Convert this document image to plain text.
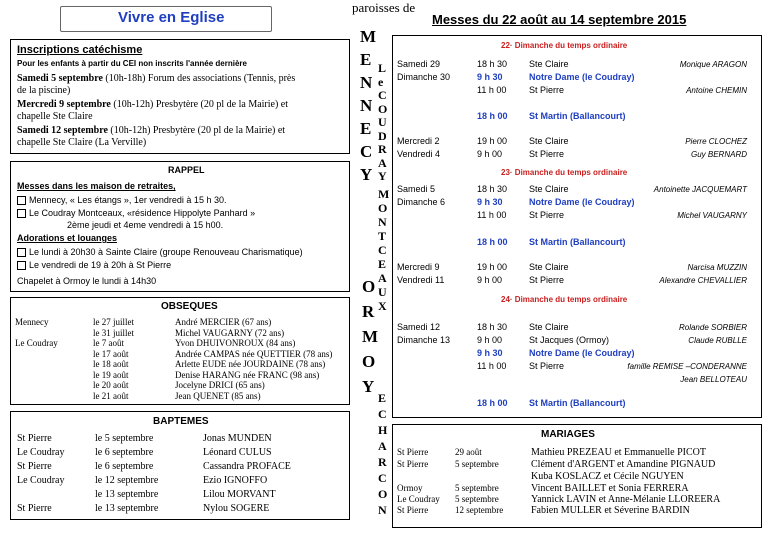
Vivre en Eglise
paroisses de
Messes du 22 août au 14 septembre 2015
Inscriptions catéchisme
Pour les enfants à partir du CEI non inscrits l'année dernière
Samedi 5 septembre (10h-18h) Forum des associations (Tennis, près
de la piscine)
Mercredi 9 septembre (10h-12h) Presbytère (20 pl de la Mairie) et
chapelle Ste Claire
Samedi 12 septembre (10h-12h) Presbytère (20 pl de la Mairie) et
chapelle Ste Claire (La Verville)
RAPPEL
Messes dans les maison de retraites,
Mennecy, « Les étangs », 1er vendredi à 15 h 30.
Le Coudray Montceaux, «résidence Hippolyte Panhard »
2ème jeudi et 4eme vendredi à 15 h00.
Adorations et louanges
Le lundi à 20h30 à Sainte Claire (groupe Renouveau Charismatique)
Le vendredi de 19 à 20h à St Pierre
Chapelet à Ormoy le lundi à 14h30
OBSEQUES
Mennecy	le 27 juillet	André MERCIER (67 ans)
le 31 juillet	Michel VAUGARNY (72 ans)
Le Coudray	le 7 août	Yvon DHUIVONROUX (84 ans)
le 17 août	Andrée CAMPAS née QUETTIER (78 ans)
le 18 août	Arlette EUDE née JOURDAINE (78 ans)
le 19 août	Denise HARANG née FRANC (98 ans)
le 20 août	Jocelyne DRICI (65 ans)
le 21 août	Jean QUENET (85 ans)
BAPTEMES
St Pierre	le 5 septembre	Jonas MUNDEN
Le Coudray	le 6 septembre	Léonard CULUS
St Pierre	le 6 septembre	Cassandra PROFACE
Le Coudray	le 12 septembre	Ezio IGNOFFO
le 13 septembre	Lilou MORVANT
St Pierre	le 13 septembre	Nylou SOGERE
M
E
N
N
E
C
Y
L
e
C
O
U
D
R
A
Y
M
O
N
T
C
E
A
U
X
O
R
M
O
Y
E
C
H
A
R
C
O
N
22· Dimanche du temps ordinaire
23· Dimanche du temps ordinaire
24· Dimanche du temps ordinaire
Samedi 29	18 h 30 Ste Claire	Monique ARAGON
Dimanche 30	9 h 30	Notre Dame (le Coudray)
11 h 00	St Pierre	Antoine CHEMIN
18 h 00 St Martin (Ballancourt)
Mercredi 2	19 h 00 Ste Claire	Pierre CLOCHEZ
Vendredi 4	9 h 00	St Pierre	Guy BERNARD
Samedi 5	18 h 30 Ste Claire	Antoinette JACQUEMART
Dimanche 6	9 h 30	Notre Dame (le Coudray)
11 h 00	St Pierre	Michel VAUGARNY
18 h 00 St Martin (Ballancourt)
Mercredi 9	19 h 00 Ste Claire	Narcisa MUZZIN
Vendredi 11	9 h 00	St Pierre	Alexandre CHEVALLIER
Samedi 12	18 h 30 Ste Claire	Rolande SORBIER
Dimanche 13	9 h 00	St Jacques (Ormoy)	Claude RUBLLE
9 h 30	Notre Dame (le Coudray)
11 h 00	St Pierre	famille REMISE –CONDERANNE
Jean BELLOTEAU
18 h 00 St Martin (Ballancourt)
MARIAGES
St Pierre	29 août	Mathieu PREZEAU et Emmanuelle PICOT
St Pierre	5 septembre	Clément d'ARGENT et Amandine PIGNAUD
Kuba KOSLACZ et Cécile NGUYEN
Ormoy	5 septembre	Vincent BAILLET et Sonia FERRERA
Le Coudray 5 septembre	Yannick LAVIN et Anne-Mélanie LLOREERA
St Pierre	12 septembre	Fabien MULLER et Séverine BARDIN
